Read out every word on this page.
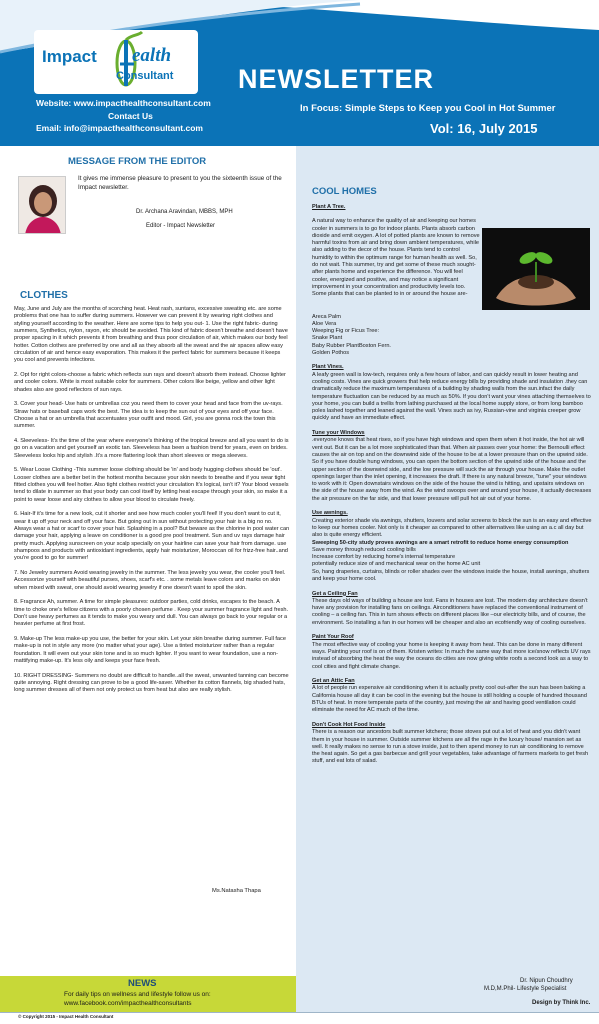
Impact ealth
Consultant
Website: www.impacthealthconsultant.com
Contact Us
Email: info@impacthealthconsultant.com
NEWSLETTER
In Focus: Simple Steps to Keep you Cool in Hot Summer
Vol: 16, July 2015
MESSAGE FROM THE EDITOR
It gives me immense pleasure to present to you the sixteenth issue of the Impact newsletter.
Dr. Archana Aravindan, MBBS, MPH
Editor - Impact Newsletter
CLOTHES

May, June and July are the months of scorching heat. Heat rash, suntans, excessive sweating etc. are some problems that one has to suffer during summers. However we can prevent it by wearing right clothes and styling yourself according to the weather. Here are some tips to help you out- 1. Use the right fabric- during summers, Synthetics, nylon, rayon, etc should be avoided. This kind of fabric doesn't breathe and doesn't have proper spacing in it which prevents it from breathing and thus poor circulation of air, which makes our body feel hotter. Cotton clothes are preferred by one and all as they absorb all the sweat and the air spaces allow easy circulation of air and hence easy evaporation. This makes it the perfect fabric for summers because it keeps you cool and prevents infections.

2. Opt for right colors-choose a fabric which reflects sun rays and doesn't absorb them instead. Choose lighter and cooler colors. White is most suitable color for summers. Other colors like beige, yellow and other light shades also are good reflectors of sun rays.

3. Cover your head- Use hats or umbrellas coz you need them to cover your head and face from the uv-rays. Straw hats or baseball caps work the best. The idea is to keep the sun out of your eyes and off your face. Choose a hat or an umbrella that accentuates your outfit and mood. Girl, you are gonna rock the town this summer.

4. Sleeveless- It's the time of the year where everyone's thinking of the tropical breeze and all you want to do is go on a vacation and get yourself an exotic tan. Sleeveless has been a fashion trend for years, even on brides. Sleeveless looks hip and stylish .It's a more flattering look than short sleeves or mega sleeves.

5. Wear Loose Clothing -This summer loose clothing should be 'in' and body hugging clothes should be 'out'. Looser clothes are a better bet in the hottest months because your skin needs to breathe and if you wear tight fitted clothes you will feel hotter. Also tight clothes restrict your circulation It's logical, isn't it? Your blood vessels tend to dilate in summer so that your body can cool itself by letting heat escape through your skin, so make it a point to wear loose and airy clothes to allow your blood to circulate freely.

6. Hair-If it's time for a new look, cut it shorter and see how much cooler you'll feel! If you don't want to cut it, wear it up off your neck and off your face. But going out in sun without protecting your hair is a big no no. Always wear a hat or scarf to cover your hair. Splashing in a pool? But beware as the chlorine in pool water can damage your hair, applying a leave on conditioner is a good pre pool treatment. Sun and uv rays damage hair pretty much. Applying sunscreen on your scalp specially on your hairline can save your hair from damage. use shampoos and products with antioxidant ingredients, apply hair moisturizer, Moroccan oil for frizz-free hair..and you're good to go for summer!

7. No Jewelry summers Avoid wearing jewelry in the summer. The less jewelry you wear, the cooler you'll feel. Accessorize yourself with beautiful purses, shoes, scarf's etc. . some metals leave colors and marks on skin when mixed with sweat, one should avoid wearing jewelry if one doesn't want to spoil the skin.

8. Fragrance Ah, summer. A time for simple pleasures: outdoor parties, cold drinks, escapes to the beach. A time to choke one's fellow citizens with a poorly chosen perfume . Keep your summer fragrance light and fresh. Don't use heavy perfumes as it tends to make you weary and dull. You can always go back to your regular or a heavier perfume at first frost.

9. Make-up The less make-up you use, the better for your skin. Let your skin breathe during summer. Full face make-up is not in style any more (no matter what your age). Use a tinted moisturizer rather than a regular foundation. It will even out your skin tone and is so much lighter. If you want to wear foundation, use a non-mattifying make-up. It's less oily and keeps your face fresh.

10. RIGHT DRESSING- Summers no doubt are difficult to handle..all the sweat, unwanted tanning can become quite annoying. Right dressing can prove to be a good life-saver. Whether its cotton flannels, big shaded hats, long summer dresses all of them not only protect us from heat but also are really stylish.

Ms.Natasha Thapa
COOL HOMES
Plant A Tree.

A natural way to enhance the quality of air and keeping our homes cooler in summers is to go for indoor plants. Plants absorb carbon dioxide and emit oxygen. A lot of potted plants are known to remove harmful toxins from air and bring down ambient temperatures, while also adding to the decor of the house. Plants tend to control humidity to within the optimum range for human health as well. So, do not wait. This summer, try and get some of these much sought-after plants home and experience the difference. You will feel cooler, energized and positive, and may notice a significant improvement in your concentration and productivity levels too. Some plants that can be planted to in or around the house are-

Areca Palm
Aloe Vera
Weeping Fig or Ficus Tree:
Snake Plant
Baby Rubber PlantBoston Fern.
Golden Pothos
Plant Vines.

A leafy green wall is low-tech, requires only a few hours of labor, and can quickly result in lower heating and cooling costs. Vines are quick growers that help reduce energy bills by providing shade and insulation .they can dramatically reduce the maximum temperatures of a building by shading walls from the sun.infact the daily temperature fluctuation can be reduced by as much as 50%. If you don't want your vines attaching themselves to your home, you can build a trellis from lathing purchased at the local home supply store, or from long bamboo poles lashed together and leaned against the wall. Vines such as ivy, Russian-vine and virginia creeper grow quickly and have an immediate effect.

Tune your Windows

.everyone knows that heat rises, so if you have high windows and open them when it hot inside, the hot air will vent out. But it can be a lot more sophisticated than that. When air passes over your home: the Bernoulli effect causes the air on top and on the downwind side of the house to be at a lower pressure than on the upwind side. So if you have double hung windows, you can open the bottom section of the upwind side of the house and the upper section of the downwind side, and the low pressure will suck the air through your house. Make the outlet openings larger than the inlet opening, it increases the draft. If there is any natural breeze, "tune" your windows to work with it: Open downstairs windows on the side of the house the wind is hitting, and upstairs windows on the side of the house away from the wind. As the wind swoops over and around your house, it actually decreases the air pressure on the far side, and that lower pressure will pull hot air out of your home.

Use awnings.
Creating exterior shade via awnings, shutters, louvers and solar screens to block the sun is an easy and effective to keep our homes cooler. Not only is it cheaper as compared to other alternatives like using an a.c all day but also is quite energy efficient.
Sweeping 50-city study proves awnings are a smart retrofit to reduce home energy consumption
Save money through reduced cooling bills
Increase comfort by reducing home's internal temperature
potentially reduce size of and mechanical wear on the home AC unit

So, hang draperies, curtains, blinds or roller shades over the windows inside the house, install awnings, shutters and keep your home cool.

Get a Ceiling Fan

These days old ways of building a house are lost. Fans in houses are lost. The modern day architecture doesn't have any provision for installing fans on ceilings. Airconditioners have replaced the conventional instrument of cooling – a ceiling fan. This in turn shows effects on different places like –our electricity bills, and of course, the environment. So installing a fan in our homes will be cheaper and also an ecofriendly way of cooling ourselves.

Paint Your Roof

The most effective way of cooling your home is keeping it away from heat. This can be done in many different ways. Painting your roof is on of them. Kristen writes: In much the same way that more ice/snow reflects UV rays instead of absorbing the heat the way the oceans do cities are now giving white roofs a second look as a way to cool cities and fight climate change.

Get an Attic Fan

A lot of people run expensive air conditioning when it is actually pretty cool out-after the sun has been baking a California house all day it can be cool in the evening but the house is still holding a couple of hundred thousand BTUs of heat. In more temperate parts of the country, just moving the air and having good ventilation could eliminate the need for AC much of the time.

Don't Cook Hot Food Inside

There is a reason our ancestors built summer kitchens; those stoves put out a lot of heat and you didn't want them in your house in summer. Outside summer kitchens are all the rage in the luxury house/ mansion set as well. It really makes no sense to run a stove inside, just to then spend money to run air conditioning to remove the heat again. So get a gas barbecue and grill your vegetables, take advantage of farmers markets to get fresh stuff, and eat lots of salad.

NEWS
For daily tips on wellness and lifestyle follow us on:
www.facebook.com/impacthealthconsultants
Dr. Nipun Choudhry
M.D,M.Phil- Lifestyle Specialist
Design by Think Inc.
© Copyright 2015 - Impact Health Consultant
